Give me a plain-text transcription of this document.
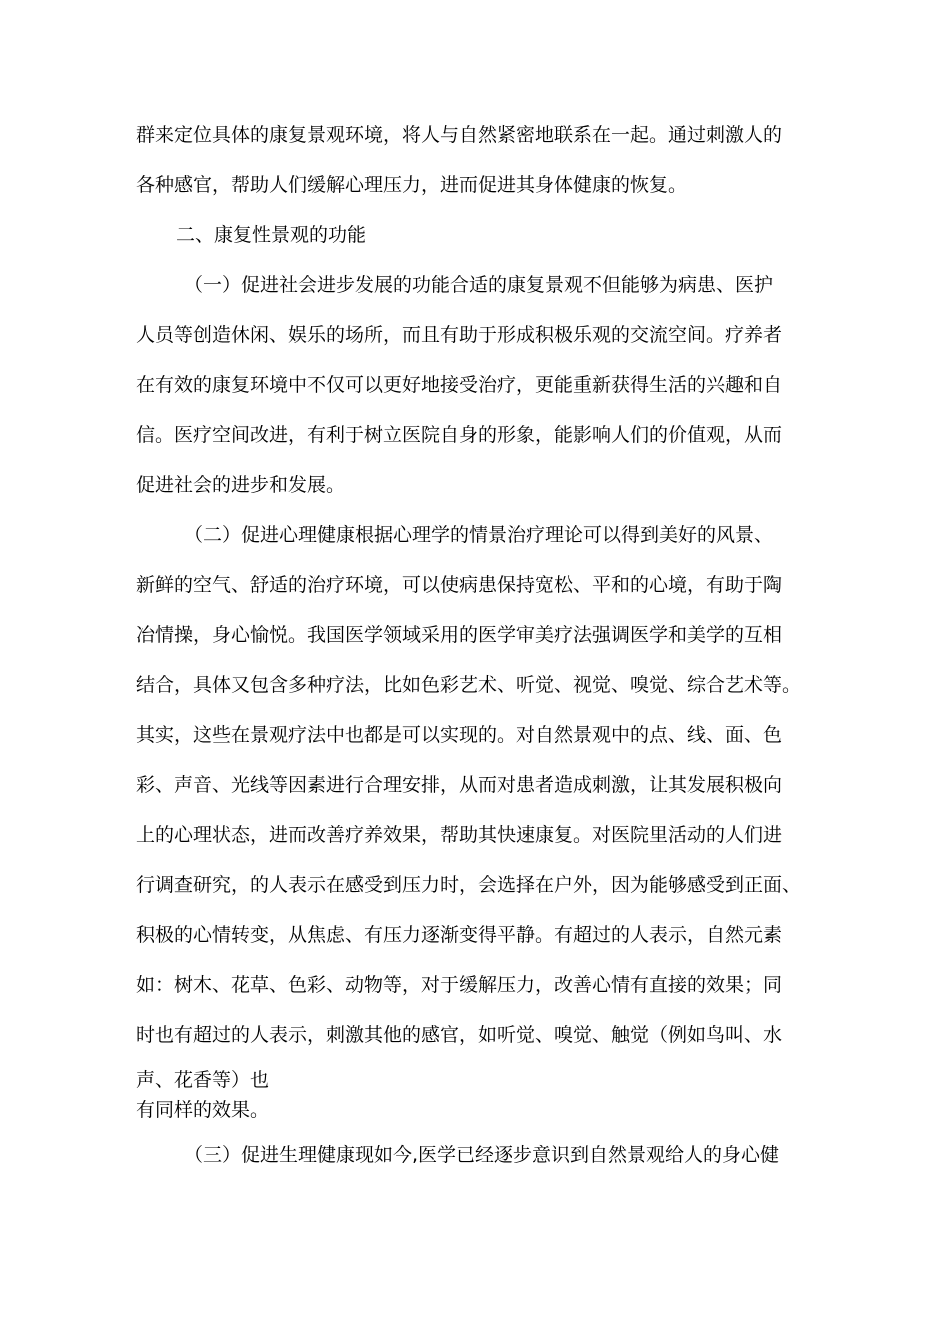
群来定位具体的康复景观环境，将人与自然紧密地联系在一起。通过刺激人的
各种感官，帮助人们缓解心理压力，进而促进其身体健康的恢复。
二、康复性景观的功能
（一）促进社会进步发展的功能合适的康复景观不但能够为病患、医护
人员等创造休闲、娱乐的场所，而且有助于形成积极乐观的交流空间。疗养者
在有效的康复环境中不仅可以更好地接受治疗，更能重新获得生活的兴趣和自
信。医疗空间改进，有利于树立医院自身的形象，能影响人们的价值观，从而
促进社会的进步和发展。
（二）促进心理健康根据心理学的情景治疗理论可以得到美好的风景、
新鲜的空气、舒适的治疗环境，可以使病患保持宽松、平和的心境，有助于陶
冶情操，身心愉悦。我国医学领域采用的医学审美疗法强调医学和美学的互相
结合，具体又包含多种疗法，比如色彩艺术、听觉、视觉、嗅觉、综合艺术等。
其实，这些在景观疗法中也都是可以实现的。对自然景观中的点、线、面、色
彩、声音、光线等因素进行合理安排，从而对患者造成刺激，让其发展积极向
上的心理状态，进而改善疗养效果，帮助其快速康复。对医院里活动的人们进
行调查研究，的人表示在感受到压力时，会选择在户外，因为能够感受到正面、
积极的心情转变，从焦虑、有压力逐渐变得平静。有超过的人表示，自然元素
如：树木、花草、色彩、动物等，对于缓解压力，改善心情有直接的效果；同
时也有超过的人表示，刺激其他的感官，如听觉、嗅觉、触觉（例如鸟叫、水
声、花香等）也
有同样的效果。
（三）促进生理健康现如今,医学已经逐步意识到自然景观给人的身心健
